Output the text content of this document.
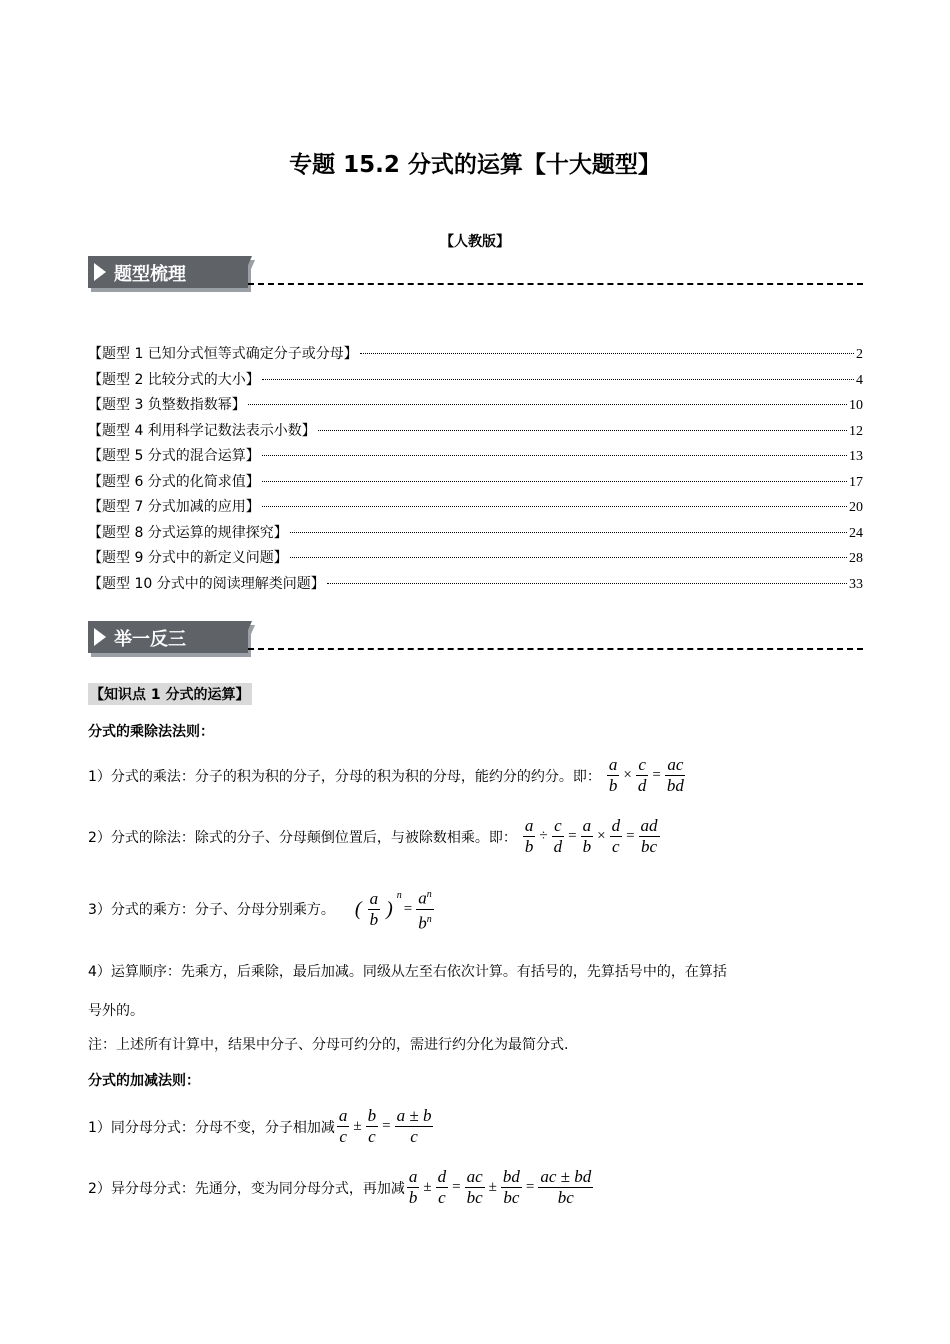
专题 15.2 分式的运算【十大题型】
【人教版】
题型梳理
【题型 1 已知分式恒等式确定分子或分母】	2
【题型 2 比较分式的大小】	4
【题型 3 负整数指数幂】	10
【题型 4 利用科学记数法表示小数】	12
【题型 5 分式的混合运算】	13
【题型 6 分式的化简求值】	17
【题型 7 分式加减的应用】	20
【题型 8 分式运算的规律探究】	24
【题型 9 分式中的新定义问题】	28
【题型 10 分式中的阅读理解类问题】	33
举一反三
【知识点 1 分式的运算】
分式的乘除法法则：
1）分式的乘法：分子的积为积的分子，分母的积为积的分母，能约分的约分。即： $\frac{a}{b} \times \frac{c}{d} = \frac{ac}{bd}$
2）分式的除法：除式的分子、分母颠倒位置后，与被除数相乘。即： $\frac{a}{b} \div \frac{c}{d} = \frac{a}{b} \times \frac{d}{c} = \frac{ad}{bc}$
3）分式的乘方：分子、分母分别乘方。 ( $\frac{a}{b}$ )
$^n$
= $\frac{a^n}{b^n}$
4）运算顺序：先乘方，后乘除，最后加减。同级从左至右依次计算。有括号的，先算括号中的，在算括
号外的。
注：上述所有计算中，结果中分子、分母可约分的，需进行约分化为最简分式.
分式的加减法则：
1）同分母分式：分母不变，分子相加减 $\frac{a}{c} \pm \frac{b}{c} = \frac{a \pm b}{c}$
2）异分母分式：先通分，变为同分母分式，再加减 $\frac{a}{b} \pm \frac{d}{c} = \frac{ac}{bc} \pm \frac{bd}{bc} = \frac{ac \pm bd}{bc}$
